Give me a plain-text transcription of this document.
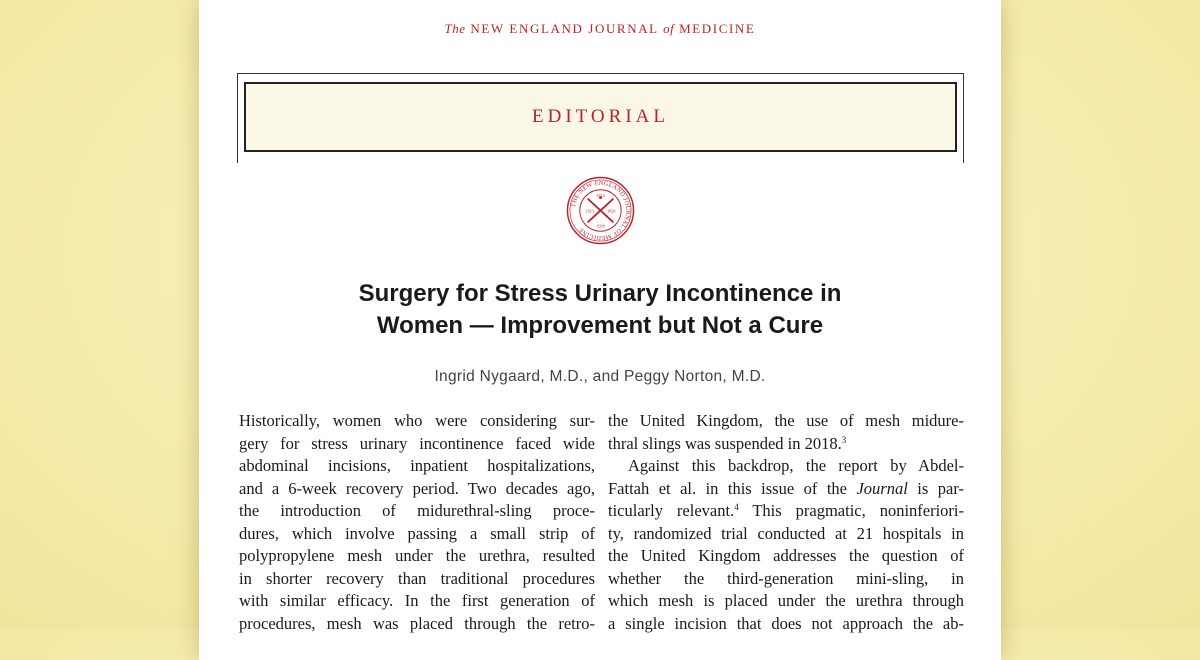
The NEW ENGLAND JOURNAL of MEDICINE
EDITORIAL
THE NEW ENGLAND JOURNAL OF MEDICINE
1812
1823	1828
1928
Surgery for Stress Urinary Incontinence in
Women — Improvement but Not a Cure
Ingrid Nygaard, M.D., and Peggy Norton, M.D.
Historically, women who were considering sur-
gery for stress urinary incontinence faced wide
abdominal incisions, inpatient hospitalizations,
and a 6-week recovery period. Two decades ago,
the introduction of midurethral-sling proce-
dures, which involve passing a small strip of
polypropylene mesh under the urethra, resulted
in shorter recovery than traditional procedures
with similar efficacy. In the first generation of
procedures, mesh was placed through the retro-
the United Kingdom, the use of mesh midure-
thral slings was suspended in 2018.$^3$
Against this backdrop, the report by Abdel-
Fattah et al. in this issue of the Journal is par-
ticularly relevant.$^4$ This pragmatic, noninferiori-
ty, randomized trial conducted at 21 hospitals in
the United Kingdom addresses the question of
whether the third-generation mini-sling, in
which mesh is placed under the urethra through
a single incision that does not approach the ab-
